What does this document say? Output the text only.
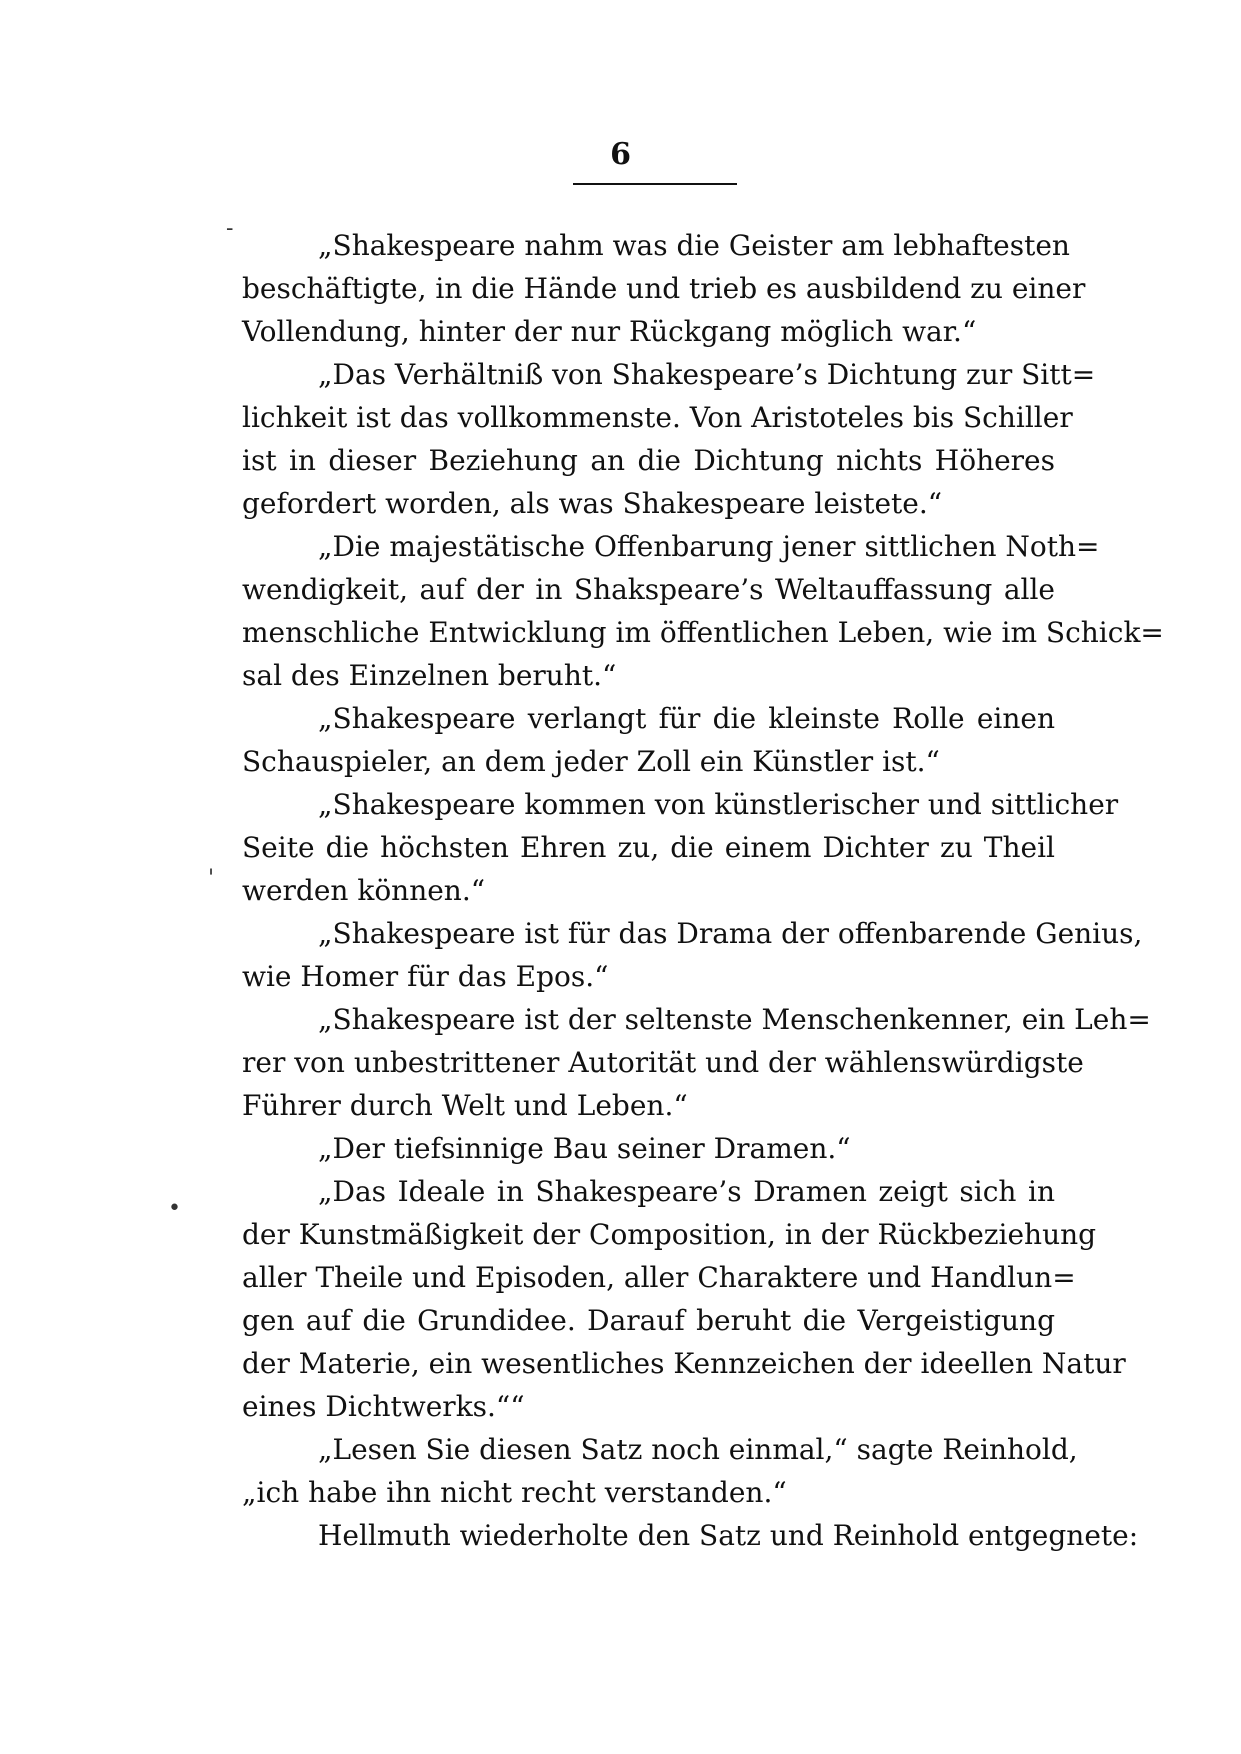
6
-
'
•
„Shakespeare nahm was die Geister am lebhaftesten
beschäftigte, in die Hände und trieb es ausbildend zu einer
Vollendung, hinter der nur Rückgang möglich war.“
„Das Verhältniß von Shakespeare’s Dichtung zur Sitt=
lichkeit ist das vollkommenste. Von Aristoteles bis Schiller
ist in dieser Beziehung an die Dichtung nichts Höheres
gefordert worden, als was Shakespeare leistete.“
„Die majestätische Offenbarung jener sittlichen Noth=
wendigkeit, auf der in Shakspeare’s Weltauffassung alle
menschliche Entwicklung im öffentlichen Leben, wie im Schick=
sal des Einzelnen beruht.“
„Shakespeare verlangt für die kleinste Rolle einen
Schauspieler, an dem jeder Zoll ein Künstler ist.“
„Shakespeare kommen von künstlerischer und sittlicher
Seite die höchsten Ehren zu, die einem Dichter zu Theil
werden können.“
„Shakespeare ist für das Drama der offenbarende Genius,
wie Homer für das Epos.“
„Shakespeare ist der seltenste Menschenkenner, ein Leh=
rer von unbestrittener Autorität und der wählenswürdigste
Führer durch Welt und Leben.“
„Der tiefsinnige Bau seiner Dramen.“
„Das Ideale in Shakespeare’s Dramen zeigt sich in
der Kunstmäßigkeit der Composition, in der Rückbeziehung
aller Theile und Episoden, aller Charaktere und Handlun=
gen auf die Grundidee. Darauf beruht die Vergeistigung
der Materie, ein wesentliches Kennzeichen der ideellen Natur
eines Dichtwerks.““
„Lesen Sie diesen Satz noch einmal,“ sagte Reinhold,
„ich habe ihn nicht recht verstanden.“
Hellmuth wiederholte den Satz und Reinhold entgegnete:
